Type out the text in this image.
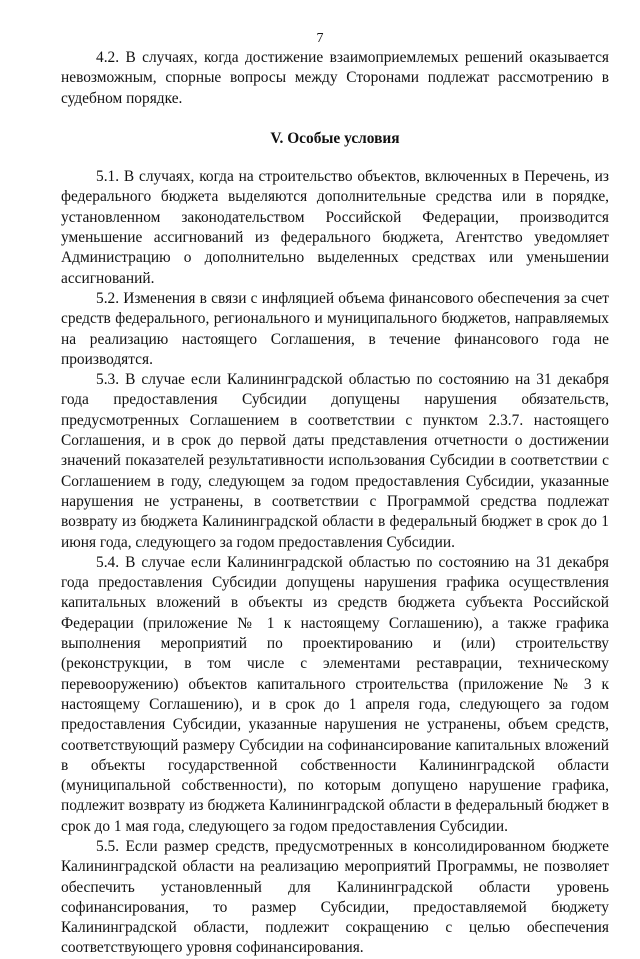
7

4.2. В случаях, когда достижение взаимоприемлемых решений оказывается невозможным, спорные вопросы между Сторонами подлежат рассмотрению в судебном порядке.

V. Особые условия

5.1. В случаях, когда на строительство объектов, включенных в Перечень, из федерального бюджета выделяются дополнительные средства или в порядке, установленном законодательством Российской Федерации, производится уменьшение ассигнований из федерального бюджета, Агентство уведомляет Администрацию о дополнительно выделенных средствах или уменьшении ассигнований.

5.2. Изменения в связи с инфляцией объема финансового обеспечения за счет средств федерального, регионального и муниципального бюджетов, направляемых на реализацию настоящего Соглашения, в течение финансового года не производятся.

5.3. В случае если Калининградской областью по состоянию на 31 декабря года предоставления Субсидии допущены нарушения обязательств, предусмотренных Соглашением в соответствии с пунктом 2.3.7. настоящего Соглашения, и в срок до первой даты представления отчетности о достижении значений показателей результативности использования Субсидии в соответствии с Соглашением в году, следующем за годом предоставления Субсидии, указанные нарушения не устранены, в соответствии с Программой средства подлежат возврату из бюджета Калининградской области в федеральный бюджет в срок до 1 июня года, следующего за годом предоставления Субсидии.

5.4. В случае если Калининградской областью по состоянию на 31 декабря года предоставления Субсидии допущены нарушения графика осуществления капитальных вложений в объекты из средств бюджета субъекта Российской Федерации (приложение № 1 к настоящему Соглашению), а также графика выполнения мероприятий по проектированию и (или) строительству (реконструкции, в том числе с элементами реставрации, техническому перевооружению) объектов капитального строительства (приложение № 3 к настоящему Соглашению), и в срок до 1 апреля года, следующего за годом предоставления Субсидии, указанные нарушения не устранены, объем средств, соответствующий размеру Субсидии на софинансирование капитальных вложений в объекты государственной собственности Калининградской области (муниципальной собственности), по которым допущено нарушение графика, подлежит возврату из бюджета Калининградской области в федеральный бюджет в срок до 1 мая года, следующего за годом предоставления Субсидии.

5.5. Если размер средств, предусмотренных в консолидированном бюджете Калининградской области на реализацию мероприятий Программы, не позволяет обеспечить установленный для Калининградской области уровень софинансирования, то размер Субсидии, предоставляемой бюджету Калининградской области, подлежит сокращению с целью обеспечения соответствующего уровня софинансирования.
